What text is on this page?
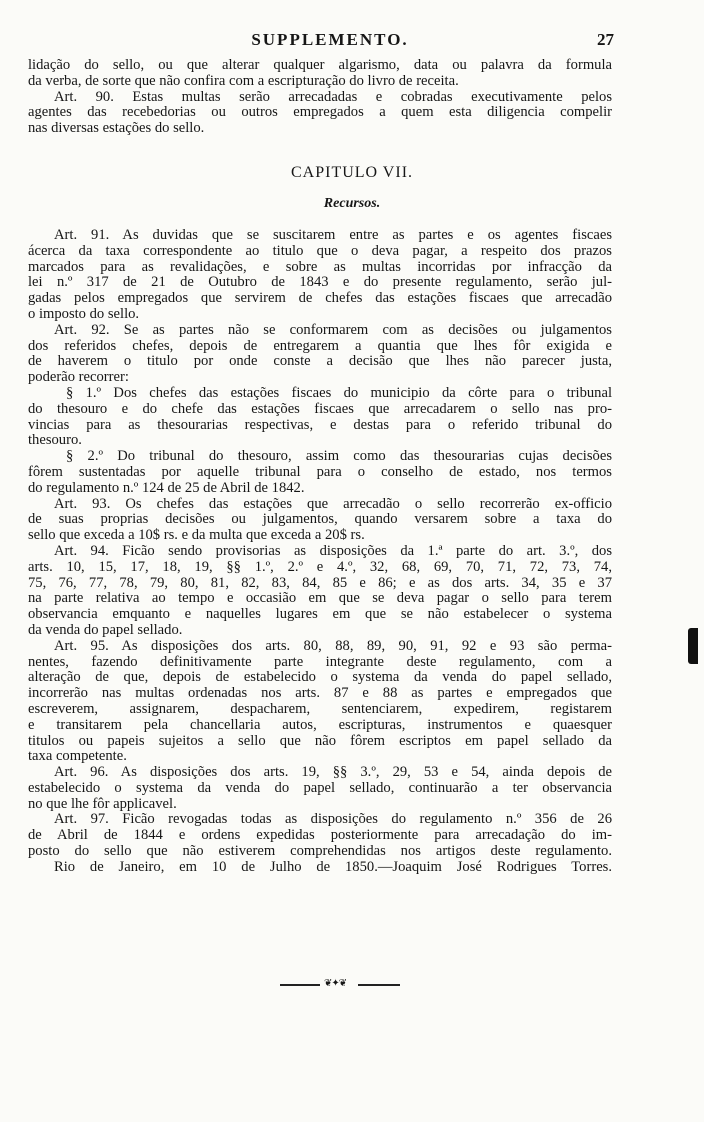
SUPPLEMENTO.	27
lidação do sello, ou que alterar qualquer algarismo, data ou palavra da formula
da verba, de sorte que não confira com a escripturação do livro de receita.
Art. 90. Estas multas serão arrecadadas e cobradas executivamente pelos
agentes das recebedorias ou outros empregados a quem esta diligencia compelir
nas diversas estações do sello.
CAPITULO VII.
Recursos.
Art. 91. As duvidas que se suscitarem entre as partes e os agentes fiscaes
ácerca da taxa correspondente ao titulo que o deva pagar, a respeito dos prazos
marcados para as revalidações, e sobre as multas incorridas por infracção da
lei n.º 317 de 21 de Outubro de 1843 e do presente regulamento, serão jul-
gadas pelos empregados que servirem de chefes das estações fiscaes que arrecadão
o imposto do sello.
Art. 92. Se as partes não se conformarem com as decisões ou julgamentos
dos referidos chefes, depois de entregarem a quantia que lhes fôr exigida e
de haverem o titulo por onde conste a decisão que lhes não parecer justa,
poderão recorrer:
§ 1.º Dos chefes das estações fiscaes do municipio da côrte para o tribunal
do thesouro e do chefe das estações fiscaes que arrecadarem o sello nas pro-
vincias para as thesourarias respectivas, e destas para o referido tribunal do
thesouro.
§ 2.º Do tribunal do thesouro, assim como das thesourarias cujas decisões
fôrem sustentadas por aquelle tribunal para o conselho de estado, nos termos
do regulamento n.º 124 de 25 de Abril de 1842.
Art. 93. Os chefes das estações que arrecadão o sello recorrerão ex-officio
de suas proprias decisões ou julgamentos, quando versarem sobre a taxa do
sello que exceda a 10$ rs. e da multa que exceda a 20$ rs.
Art. 94. Ficão sendo provisorias as disposições da 1.ª parte do art. 3.º, dos
arts. 10, 15, 17, 18, 19, §§ 1.º, 2.º e 4.º, 32, 68, 69, 70, 71, 72, 73, 74,
75, 76, 77, 78, 79, 80, 81, 82, 83, 84, 85 e 86; e as dos arts. 34, 35 e 37
na parte relativa ao tempo e occasião em que se deva pagar o sello para terem
observancia emquanto e naquelles lugares em que se não estabelecer o systema
da venda do papel sellado.
Art. 95. As disposições dos arts. 80, 88, 89, 90, 91, 92 e 93 são perma-
nentes, fazendo definitivamente parte integrante deste regulamento, com a
alteração de que, depois de estabelecido o systema da venda do papel sellado,
incorrerão nas multas ordenadas nos arts. 87 e 88 as partes e empregados que
escreverem, assignarem, despacharem, sentenciarem, expedirem, registarem
e transitarem pela chancellaria autos, escripturas, instrumentos e quaesquer
titulos ou papeis sujeitos a sello que não fôrem escriptos em papel sellado da
taxa competente.
Art. 96. As disposições dos arts. 19, §§ 3.º, 29, 53 e 54, ainda depois de
estabelecido o systema da venda do papel sellado, continuarão a ter observancia
no que lhe fôr applicavel.
Art. 97. Ficão revogadas todas as disposições do regulamento n.º 356 de 26
de Abril de 1844 e ordens expedidas posteriormente para arrecadação do im-
posto do sello que não estiverem comprehendidas nos artigos deste regulamento.
Rio de Janeiro, em 10 de Julho de 1850.—Joaquim José Rodrigues Torres.
❦✦❦
